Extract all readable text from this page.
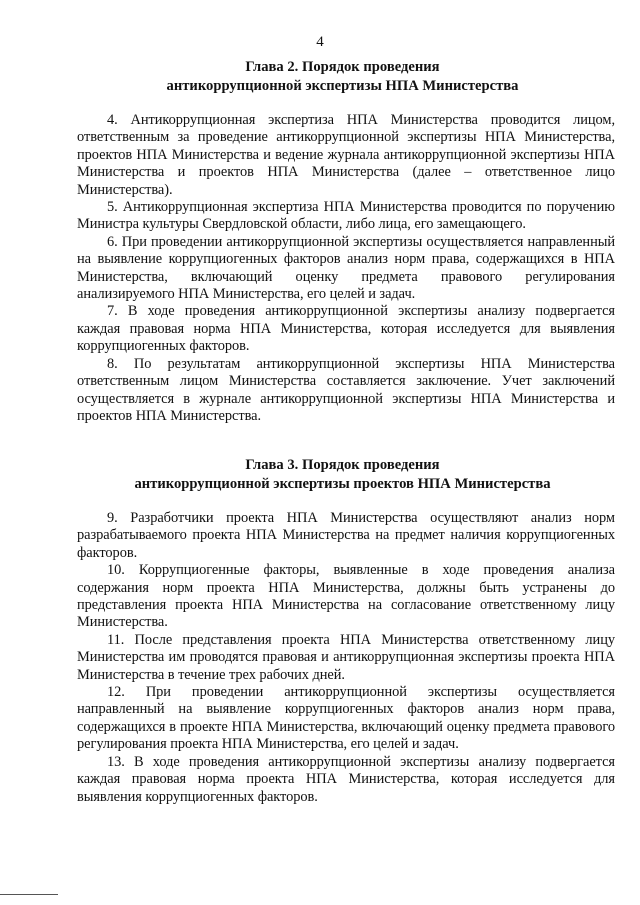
4
Глава 2. Порядок проведения
антикоррупционной экспертизы НПА Министерства

4. Антикоррупционная экспертиза НПА Министерства проводится лицом, ответственным за проведение антикоррупционной экспертизы НПА Министерства, проектов НПА Министерства и ведение журнала антикоррупционной экспертизы НПА Министерства и проектов НПА Министерства (далее – ответственное лицо Министерства).

5. Антикоррупционная экспертиза НПА Министерства проводится по поручению Министра культуры Свердловской области, либо лица, его замещающего.

6. При проведении антикоррупционной экспертизы осуществляется направленный на выявление коррупциогенных факторов анализ норм права, содержащихся в НПА Министерства, включающий оценку предмета правового регулирования анализируемого НПА Министерства, его целей и задач.

7. В ходе проведения антикоррупционной экспертизы анализу подвергается каждая правовая норма НПА Министерства, которая исследуется для выявления коррупциогенных факторов.

8. По результатам антикоррупционной экспертизы НПА Министерства ответственным лицом Министерства составляется заключение. Учет заключений осуществляется в журнале антикоррупционной экспертизы НПА Министерства и проектов НПА Министерства.

Глава 3. Порядок проведения
антикоррупционной экспертизы проектов НПА Министерства

9. Разработчики проекта НПА Министерства осуществляют анализ норм разрабатываемого проекта НПА Министерства на предмет наличия коррупциогенных факторов.

10. Коррупциогенные факторы, выявленные в ходе проведения анализа содержания норм проекта НПА Министерства, должны быть устранены до представления проекта НПА Министерства на согласование ответственному лицу Министерства.

11. После представления проекта НПА Министерства ответственному лицу Министерства им проводятся правовая и антикоррупционная экспертизы проекта НПА Министерства в течение трех рабочих дней.

12. При проведении антикоррупционной экспертизы осуществляется направленный на выявление коррупциогенных факторов анализ норм права, содержащихся в проекте НПА Министерства, включающий оценку предмета правового регулирования проекта НПА Министерства, его целей и задач.

13. В ходе проведения антикоррупционной экспертизы анализу подвергается каждая правовая норма проекта НПА Министерства, которая исследуется для выявления коррупциогенных факторов.
